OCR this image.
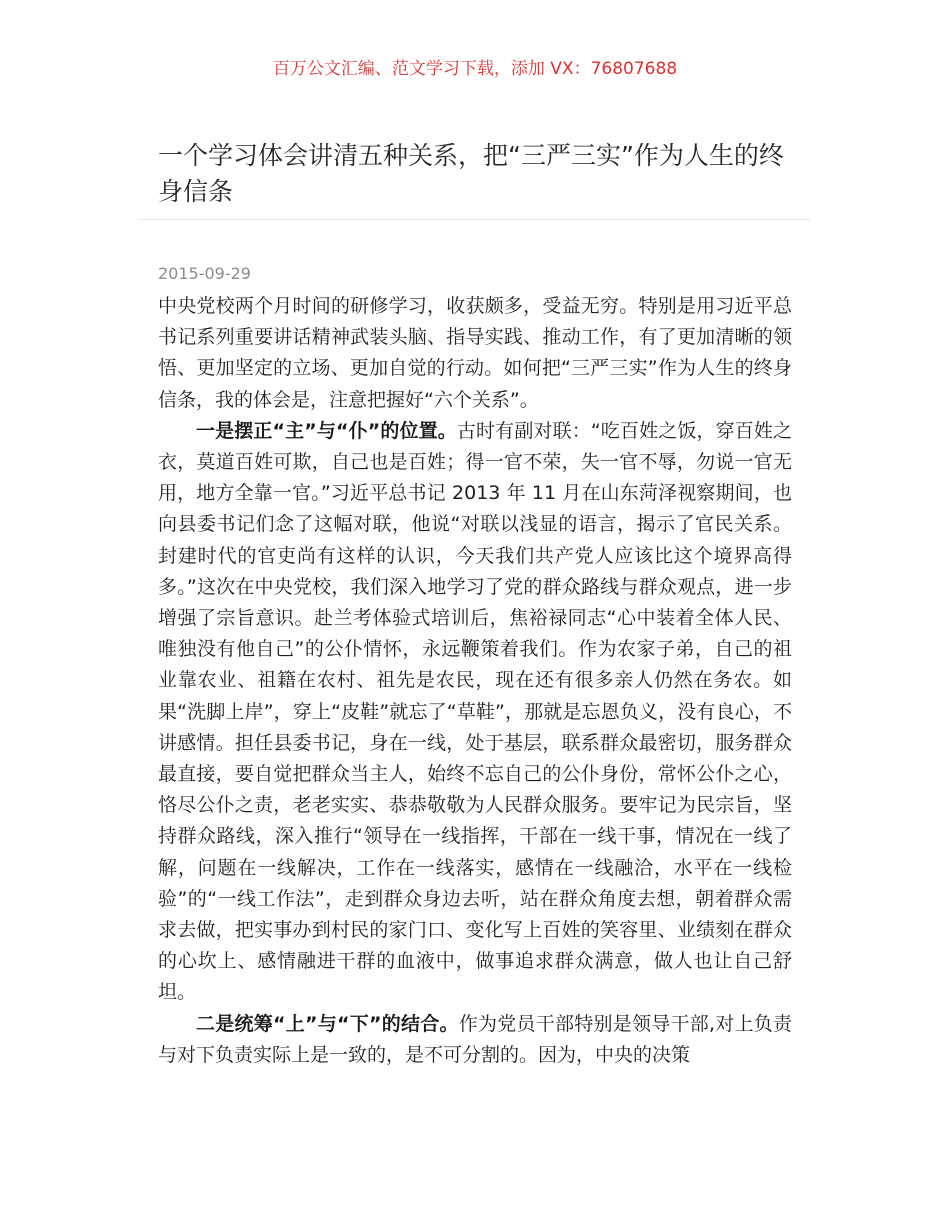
百万公文汇编、范文学习下载，添加 VX：76807688
一个学习体会讲清五种关系，把“三严三实”作为人生的终身信条
2015-09-29

中央党校两个月时间的研修学习，收获颇多，受益无穷。特别是用习近平总书记系列重要讲话精神武装头脑、指导实践、推动工作，有了更加清晰的领悟、更加坚定的立场、更加自觉的行动。如何把“三严三实”作为人生的终身信条，我的体会是，注意把握好“六个关系”。

一是摆正“主”与“仆”的位置。古时有副对联：“吃百姓之饭，穿百姓之衣，莫道百姓可欺，自己也是百姓；得一官不荣，失一官不辱，勿说一官无用，地方全靠一官。”习近平总书记 2013 年 11 月在山东菏泽视察期间，也向县委书记们念了这幅对联，他说“对联以浅显的语言，揭示了官民关系。封建时代的官吏尚有这样的认识，今天我们共产党人应该比这个境界高得多。”这次在中央党校，我们深入地学习了党的群众路线与群众观点，进一步增强了宗旨意识。赴兰考体验式培训后，焦裕禄同志“心中装着全体人民、唯独没有他自己”的公仆情怀，永远鞭策着我们。作为农家子弟，自己的祖业靠农业、祖籍在农村、祖先是农民，现在还有很多亲人仍然在务农。如果“洗脚上岸”，穿上“皮鞋”就忘了“草鞋”，那就是忘恩负义，没有良心，不讲感情。担任县委书记，身在一线，处于基层，联系群众最密切，服务群众最直接，要自觉把群众当主人，始终不忘自己的公仆身份，常怀公仆之心，恪尽公仆之责，老老实实、恭恭敬敬为人民群众服务。要牢记为民宗旨，坚持群众路线，深入推行“领导在一线指挥，干部在一线干事，情况在一线了解，问题在一线解决，工作在一线落实，感情在一线融洽，水平在一线检验”的“一线工作法”，走到群众身边去听，站在群众角度去想，朝着群众需求去做，把实事办到村民的家门口、变化写上百姓的笑容里、业绩刻在群众的心坎上、感情融进干群的血液中，做事追求群众满意，做人也让自己舒坦。

二是统筹“上”与“下”的结合。作为党员干部特别是领导干部,对上负责与对下负责实际上是一致的，是不可分割的。因为，中央的决策
